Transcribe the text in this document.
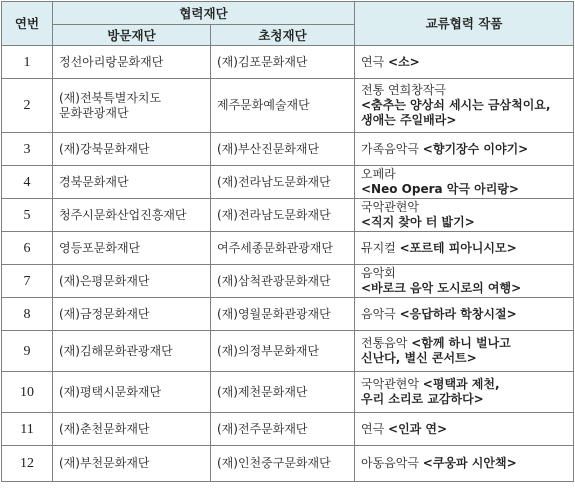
연번	협력재단		교류협력 작품
	방문재단	초청재단	
1	정선아리랑문화재단	(재)김포문화재단	연극 <소>
2	(재)전북특별자치도
문화관광재단	제주문화예술재단	전통 연희창작극
<춤추는 양상쇠 세시는 금삼척이요,
생애는 주일배라>
3	(재)강북문화재단	(재)부산진문화재단	가족음악극 <향기장수 이야기>
4	경북문화재단	(재)전라남도문화재단	오페라
<Neo Opera 악극 아리랑>
5	청주시문화산업진흥재단	(재)전라남도문화재단	국악관현악
<직지 찾아 터 밟기>
6	영등포문화재단	여주세종문화관광재단	뮤지컬 <포르테 피아니시모>
7	(재)은평문화재단	(재)삼척관광문화재단	음악회
<바로크 음악 도시로의 여행>
8	(재)금정문화재단	(재)영월문화관광재단	음악극 <응답하라 학창시절>
9	(재)김해문화관광재단	(재)의정부문화재단	전통음악 <함께 하니 벌나고
신난다, 별신 콘서트>
10	(재)평택시문화재단	(재)제천문화재단	국악관현악 <평택과 제천,
우리 소리로 교감하다>
11	(재)춘천문화재단	(재)전주문화재단	연극 <인과 연>
12	(재)부천문화재단	(재)인천중구문화재단	아동음악극 <쿠웅파 시안책>
